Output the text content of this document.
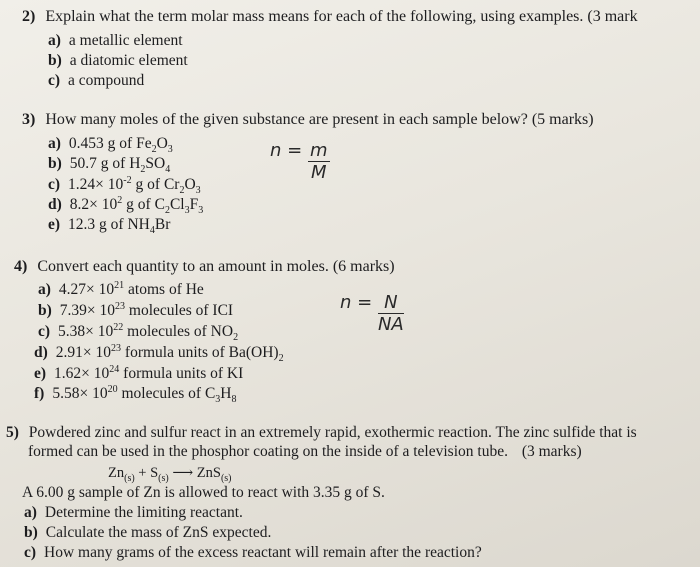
2) Explain what the term molar mass means for each of the following, using examples. (3 mark
a) a metallic element
b) a diatomic element
c) a compound
3) How many moles of the given substance are present in each sample below? (5 marks)
a) 0.453 g of $Fe_2O_3$
b) 50.7 g of $H_2SO_4$
c) $1.24\times 10^{-2}$ g of $Cr_2O_3$
d) $8.2\times 10^2$ g of $C_2Cl_3F_3$
e) 12.3 g of $NH_4Br$
$n = \frac{m}{M}$
4) Convert each quantity to an amount in moles. (6 marks)
a) $4.27\times 10^{21}$ atoms of He
b) $7.39\times 10^{23}$ molecules of ICI
c) $5.38\times 10^{22}$ molecules of $NO_2$
d) $2.91\times 10^{23}$ formula units of $Ba(OH)_2$
e) $1.62\times 10^{24}$ formula units of KI
f) $5.58\times 10^{20}$ molecules of $C_3H_8$
$n = \frac{N}{NA}$
5) Powdered zinc and sulfur react in an extremely rapid, exothermic reaction. The zinc sulfide that is
formed can be used in the phosphor coating on the inside of a television tube. (3 marks)
$Zn_{(s)} + S_{(s)}$ ⟶ ZnS$_{(s)}$
A 6.00 g sample of Zn is allowed to react with 3.35 g of S.
a) Determine the limiting reactant.
b) Calculate the mass of ZnS expected.
c) How many grams of the excess reactant will remain after the reaction?
